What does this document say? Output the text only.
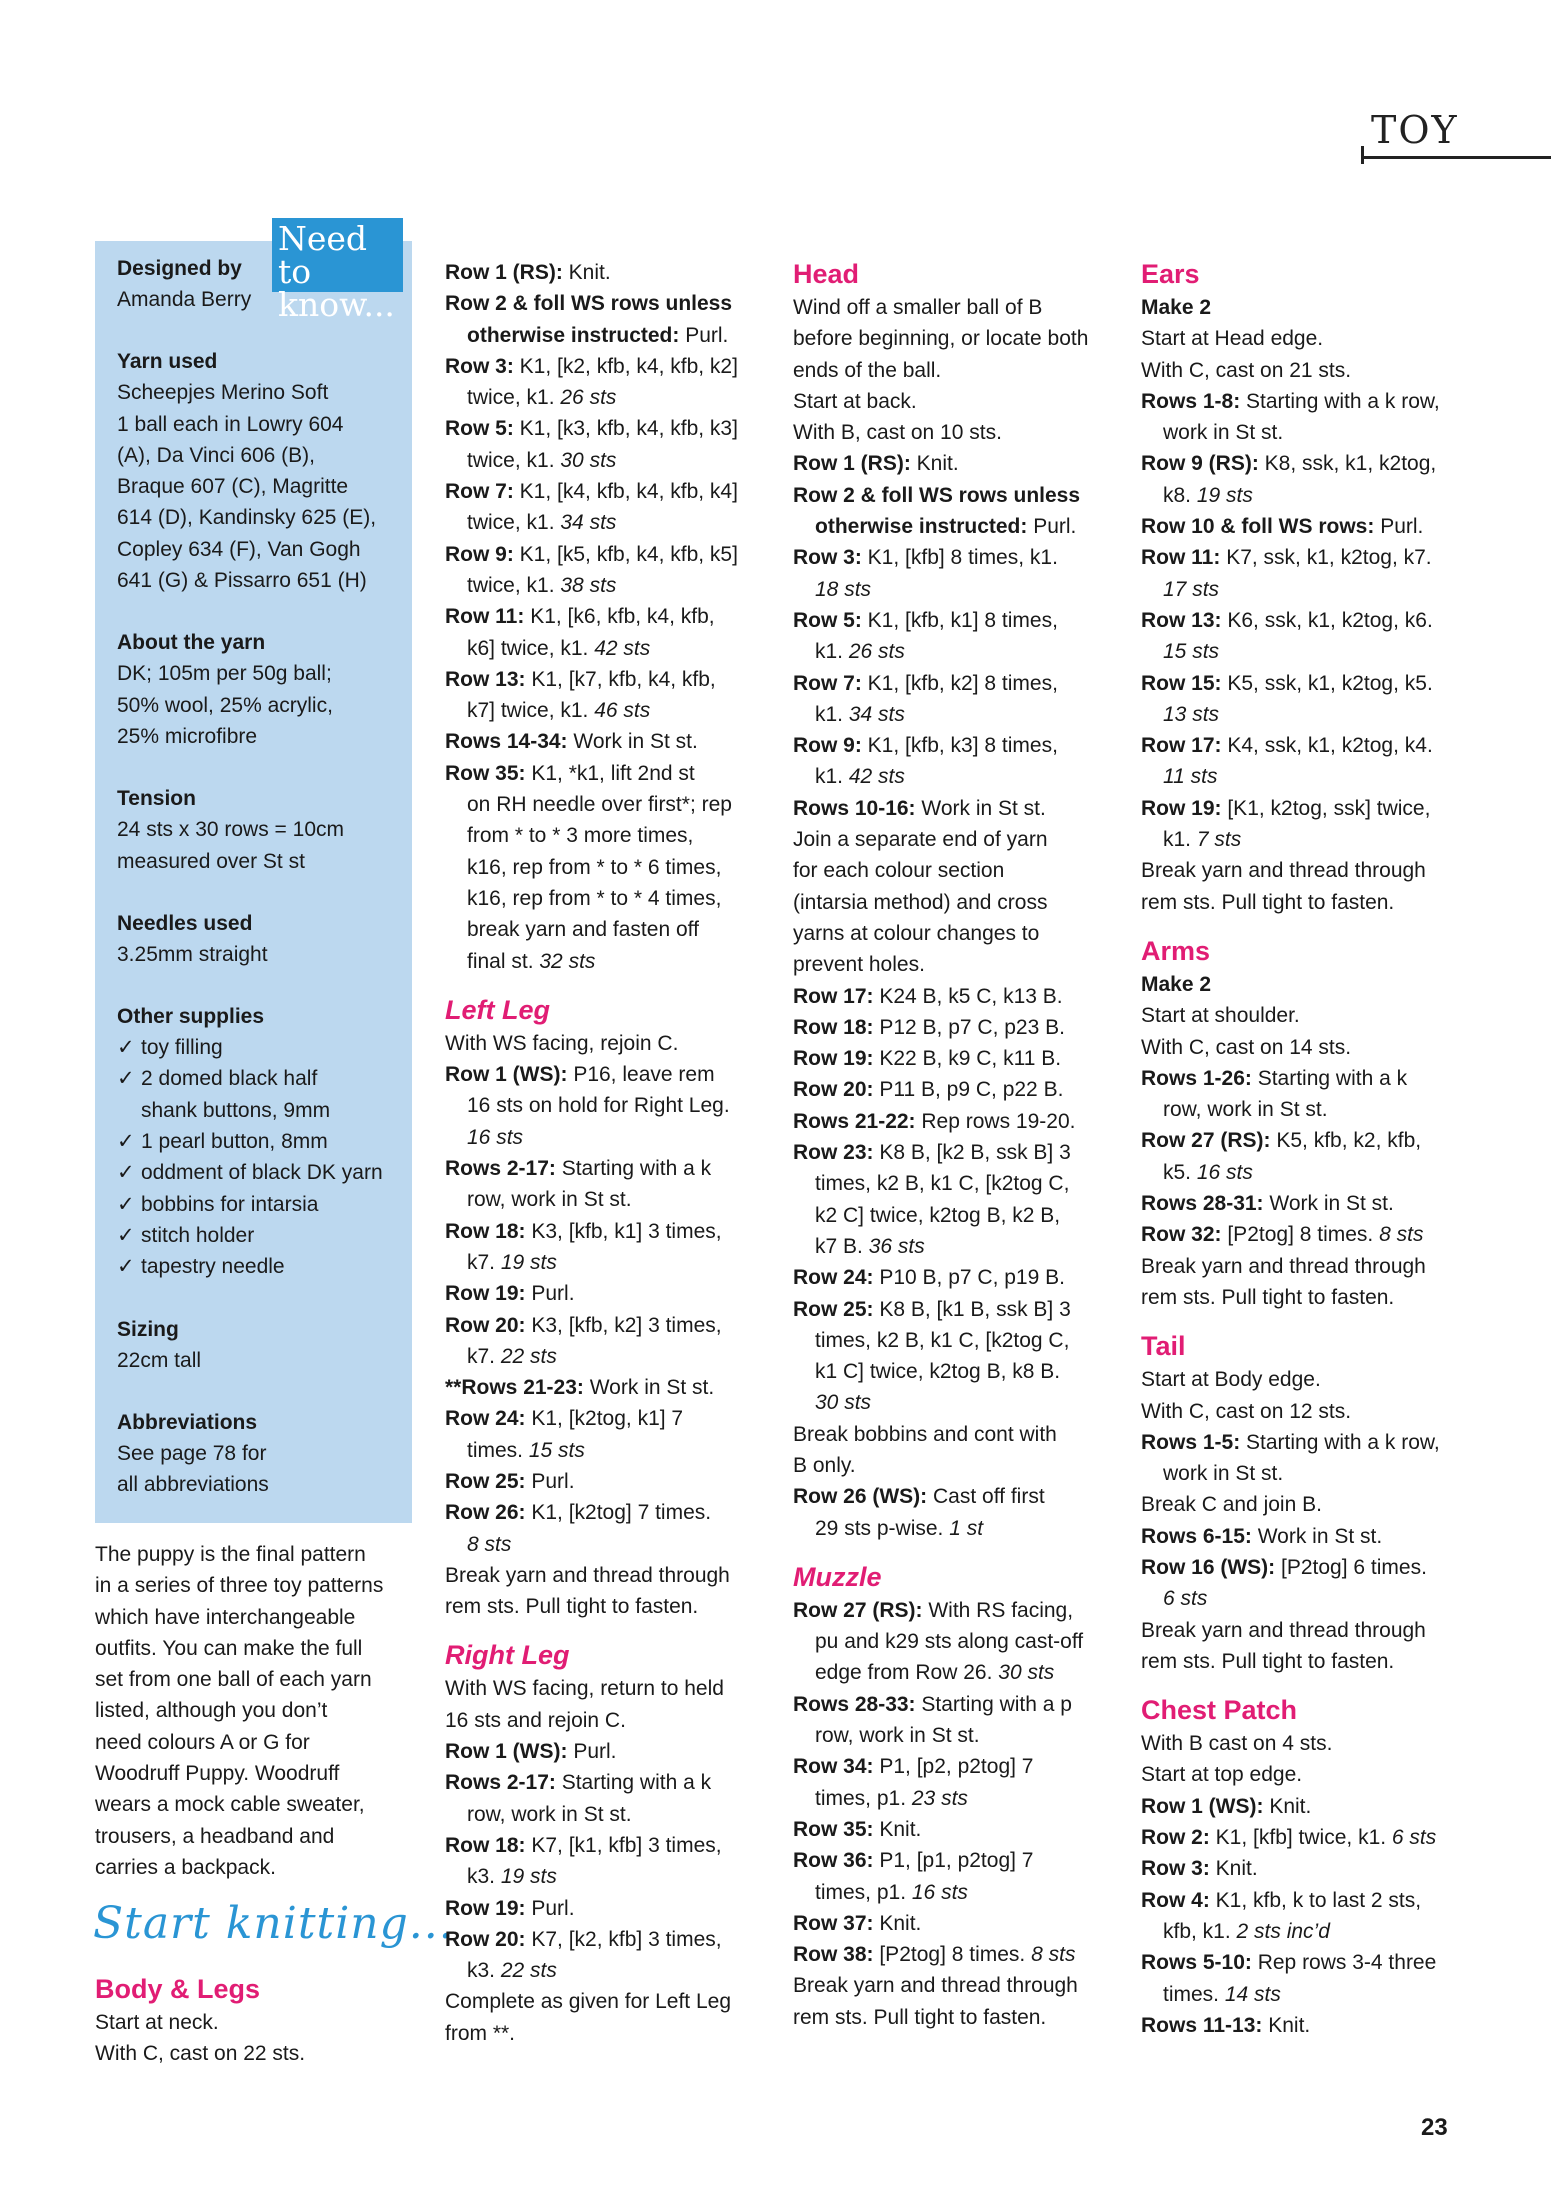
TOY
Designed by
Amanda Berry
Yarn used
Scheepjes Merino Soft
1 ball each in Lowry 604
(A), Da Vinci 606 (B),
Braque 607 (C), Magritte
614 (D), Kandinsky 625 (E),
Copley 634 (F), Van Gogh
641 (G) & Pissarro 651 (H)
About the yarn
DK; 105m per 50g ball;
50% wool, 25% acrylic,
25% microfibre
Tension
24 sts x 30 rows = 10cm
measured over St st
Needles used
3.25mm straight
Other supplies
✓ toy filling
✓ 2 domed black half
shank buttons, 9mm
✓ 1 pearl button, 8mm
✓ oddment of black DK yarn
✓ bobbins for intarsia
✓ stitch holder
✓ tapestry needle
Sizing
22cm tall
Abbreviations
See page 78 for
all abbreviations
Need to
know...
The puppy is the final pattern
in a series of three toy patterns
which have interchangeable
outfits. You can make the full
set from one ball of each yarn
listed, although you don’t
need colours A or G for
Woodruff Puppy. Woodruff
wears a mock cable sweater,
trousers, a headband and
carries a backpack.
Start knitting...
Body & Legs
Start at neck.
With C, cast on 22 sts.
Row 1 (RS): Knit.
Row 2 & foll WS rows unless
otherwise instructed: Purl.
Row 3: K1, [k2, kfb, k4, kfb, k2]
twice, k1. 26 sts
Row 5: K1, [k3, kfb, k4, kfb, k3]
twice, k1. 30 sts
Row 7: K1, [k4, kfb, k4, kfb, k4]
twice, k1. 34 sts
Row 9: K1, [k5, kfb, k4, kfb, k5]
twice, k1. 38 sts
Row 11: K1, [k6, kfb, k4, kfb,
k6] twice, k1. 42 sts
Row 13: K1, [k7, kfb, k4, kfb,
k7] twice, k1. 46 sts
Rows 14-34: Work in St st.
Row 35: K1, *k1, lift 2nd st
on RH needle over first*; rep
from * to * 3 more times,
k16, rep from * to * 6 times,
k16, rep from * to * 4 times,
break yarn and fasten off
final st. 32 sts
Left Leg
With WS facing, rejoin C.
Row 1 (WS): P16, leave rem
16 sts on hold for Right Leg.
16 sts
Rows 2-17: Starting with a k
row, work in St st.
Row 18: K3, [kfb, k1] 3 times,
k7. 19 sts
Row 19: Purl.
Row 20: K3, [kfb, k2] 3 times,
k7. 22 sts
**Rows 21-23: Work in St st.
Row 24: K1, [k2tog, k1] 7
times. 15 sts
Row 25: Purl.
Row 26: K1, [k2tog] 7 times.
8 sts
Break yarn and thread through
rem sts. Pull tight to fasten.
Right Leg
With WS facing, return to held
16 sts and rejoin C.
Row 1 (WS): Purl.
Rows 2-17: Starting with a k
row, work in St st.
Row 18: K7, [k1, kfb] 3 times,
k3. 19 sts
Row 19: Purl.
Row 20: K7, [k2, kfb] 3 times,
k3. 22 sts
Complete as given for Left Leg
from **.
Head
Wind off a smaller ball of B
before beginning, or locate both
ends of the ball.
Start at back.
With B, cast on 10 sts.
Row 1 (RS): Knit.
Row 2 & foll WS rows unless
otherwise instructed: Purl.
Row 3: K1, [kfb] 8 times, k1.
18 sts
Row 5: K1, [kfb, k1] 8 times,
k1. 26 sts
Row 7: K1, [kfb, k2] 8 times,
k1. 34 sts
Row 9: K1, [kfb, k3] 8 times,
k1. 42 sts
Rows 10-16: Work in St st.
Join a separate end of yarn
for each colour section
(intarsia method) and cross
yarns at colour changes to
prevent holes.
Row 17: K24 B, k5 C, k13 B.
Row 18: P12 B, p7 C, p23 B.
Row 19: K22 B, k9 C, k11 B.
Row 20: P11 B, p9 C, p22 B.
Rows 21-22: Rep rows 19-20.
Row 23: K8 B, [k2 B, ssk B] 3
times, k2 B, k1 C, [k2tog C,
k2 C] twice, k2tog B, k2 B,
k7 B. 36 sts
Row 24: P10 B, p7 C, p19 B.
Row 25: K8 B, [k1 B, ssk B] 3
times, k2 B, k1 C, [k2tog C,
k1 C] twice, k2tog B, k8 B.
30 sts
Break bobbins and cont with
B only.
Row 26 (WS): Cast off first
29 sts p-wise. 1 st
Muzzle
Row 27 (RS): With RS facing,
pu and k29 sts along cast-off
edge from Row 26. 30 sts
Rows 28-33: Starting with a p
row, work in St st.
Row 34: P1, [p2, p2tog] 7
times, p1. 23 sts
Row 35: Knit.
Row 36: P1, [p1, p2tog] 7
times, p1. 16 sts
Row 37: Knit.
Row 38: [P2tog] 8 times. 8 sts
Break yarn and thread through
rem sts. Pull tight to fasten.
Ears
Make 2
Start at Head edge.
With C, cast on 21 sts.
Rows 1-8: Starting with a k row,
work in St st.
Row 9 (RS): K8, ssk, k1, k2tog,
k8. 19 sts
Row 10 & foll WS rows: Purl.
Row 11: K7, ssk, k1, k2tog, k7.
17 sts
Row 13: K6, ssk, k1, k2tog, k6.
15 sts
Row 15: K5, ssk, k1, k2tog, k5.
13 sts
Row 17: K4, ssk, k1, k2tog, k4.
11 sts
Row 19: [K1, k2tog, ssk] twice,
k1. 7 sts
Break yarn and thread through
rem sts. Pull tight to fasten.
Arms
Make 2
Start at shoulder.
With C, cast on 14 sts.
Rows 1-26: Starting with a k
row, work in St st.
Row 27 (RS): K5, kfb, k2, kfb,
k5. 16 sts
Rows 28-31: Work in St st.
Row 32: [P2tog] 8 times. 8 sts
Break yarn and thread through
rem sts. Pull tight to fasten.
Tail
Start at Body edge.
With C, cast on 12 sts.
Rows 1-5: Starting with a k row,
work in St st.
Break C and join B.
Rows 6-15: Work in St st.
Row 16 (WS): [P2tog] 6 times.
6 sts
Break yarn and thread through
rem sts. Pull tight to fasten.
Chest Patch
With B cast on 4 sts.
Start at top edge.
Row 1 (WS): Knit.
Row 2: K1, [kfb] twice, k1. 6 sts
Row 3: Knit.
Row 4: K1, kfb, k to last 2 sts,
kfb, k1. 2 sts inc’d
Rows 5-10: Rep rows 3-4 three
times. 14 sts
Rows 11-13: Knit.
23
